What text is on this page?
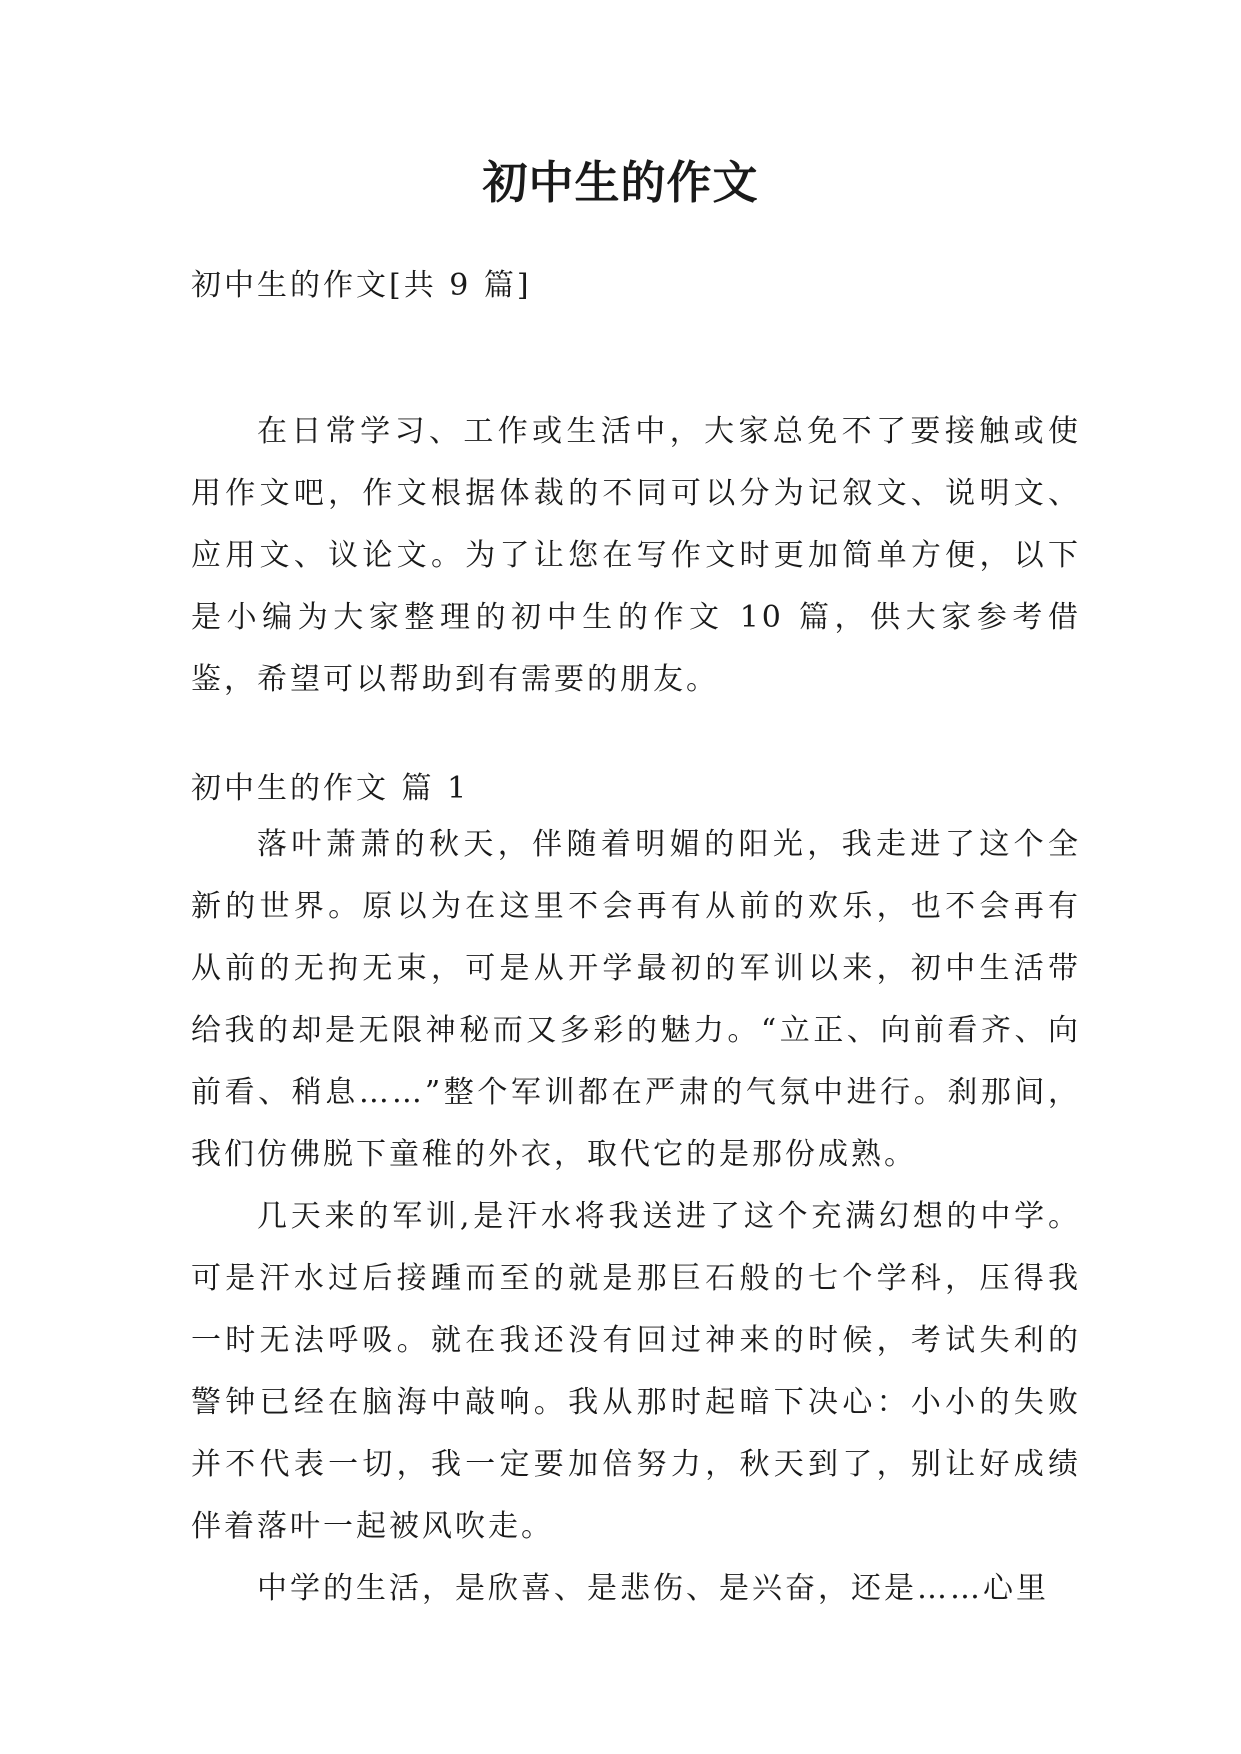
初中生的作文
初中生的作文[共 9 篇]

在日常学习、工作或生活中，大家总免不了要接触或使用作文吧，作文根据体裁的不同可以分为记叙文、说明文、应用文、议论文。为了让您在写作文时更加简单方便，以下是小编为大家整理的初中生的作文 10 篇，供大家参考借鉴，希望可以帮助到有需要的朋友。

初中生的作文 篇 1

落叶萧萧的秋天，伴随着明媚的阳光，我走进了这个全新的世界。原以为在这里不会再有从前的欢乐，也不会再有从前的无拘无束，可是从开学最初的军训以来，初中生活带给我的却是无限神秘而又多彩的魅力。“立正、向前看齐、向前看、稍息……”整个军训都在严肃的气氛中进行。刹那间，我们仿佛脱下童稚的外衣，取代它的是那份成熟。

几天来的军训,是汗水将我送进了这个充满幻想的中学。可是汗水过后接踵而至的就是那巨石般的七个学科，压得我一时无法呼吸。就在我还没有回过神来的时候，考试失利的警钟已经在脑海中敲响。我从那时起暗下决心：小小的失败并不代表一切，我一定要加倍努力，秋天到了，别让好成绩伴着落叶一起被风吹走。

中学的生活，是欣喜、是悲伤、是兴奋，还是……心里
